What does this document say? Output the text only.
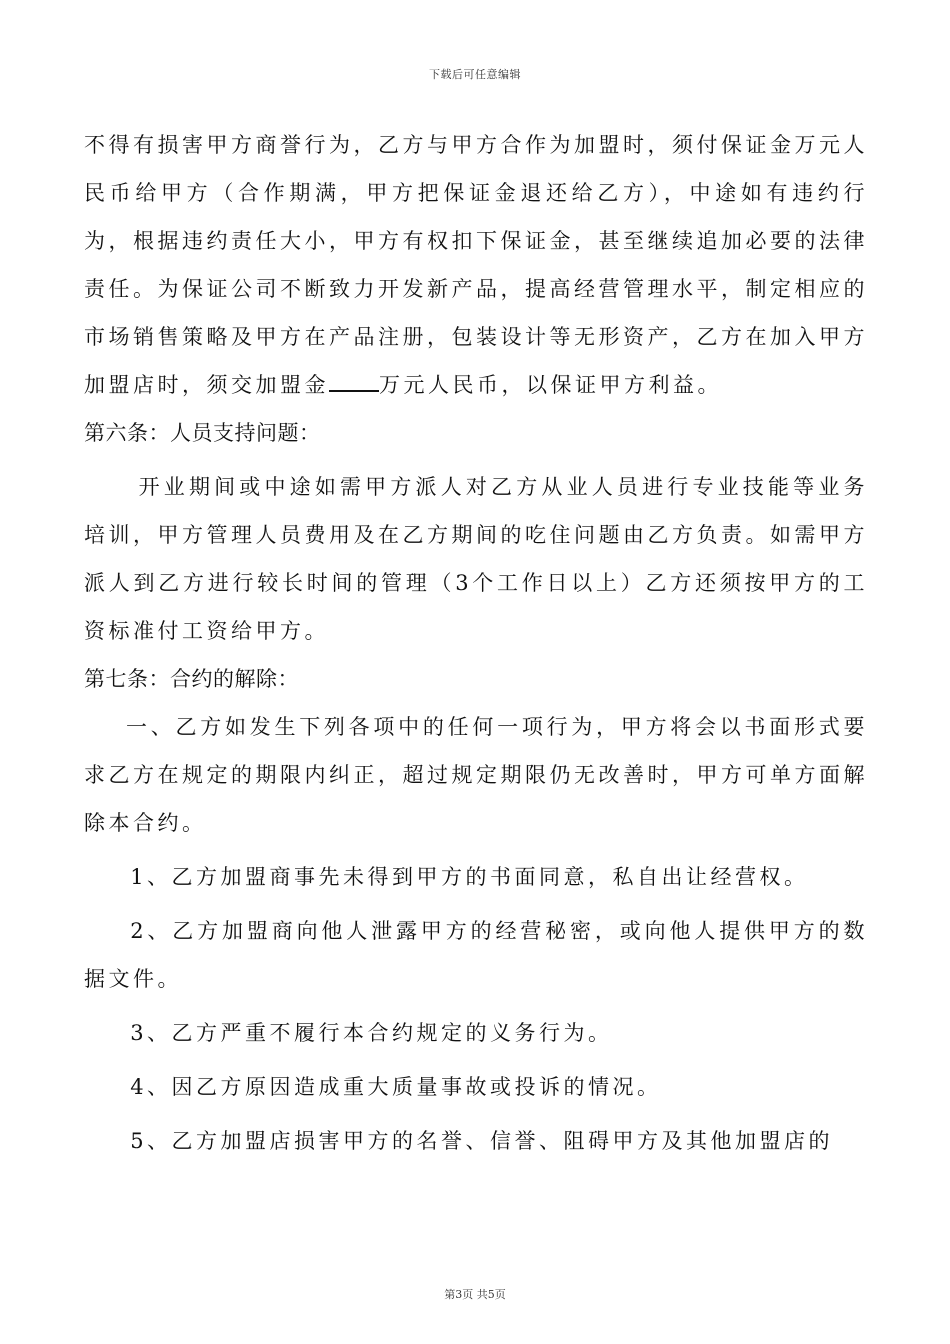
下载后可任意编辑

不得有损害甲方商誉行为，乙方与甲方合作为加盟时，须付保证金万元人民币给甲方（合作期满，甲方把保证金退还给乙方），中途如有违约行为，根据违约责任大小，甲方有权扣下保证金，甚至继续追加必要的法律责任。为保证公司不断致力开发新产品，提高经营管理水平，制定相应的市场销售策略及甲方在产品注册，包装设计等无形资产，乙方在加入甲方加盟店时，须交加盟金 万元人民币，以保证甲方利益。

第六条：人员支持问题：

开业期间或中途如需甲方派人对乙方从业人员进行专业技能等业务培训，甲方管理人员费用及在乙方期间的吃住问题由乙方负责。如需甲方派人到乙方进行较长时间的管理（3个工作日以上）乙方还须按甲方的工资标准付工资给甲方。

第七条：合约的解除：

一、乙方如发生下列各项中的任何一项行为，甲方将会以书面形式要求乙方在规定的期限内纠正，超过规定期限仍无改善时，甲方可单方面解除本合约。

1、乙方加盟商事先未得到甲方的书面同意，私自出让经营权。

2、乙方加盟商向他人泄露甲方的经营秘密，或向他人提供甲方的数据文件。

3、乙方严重不履行本合约规定的义务行为。

4、因乙方原因造成重大质量事故或投诉的情况。

5、乙方加盟店损害甲方的名誉、信誉、阻碍甲方及其他加盟店的

第3页 共5页
